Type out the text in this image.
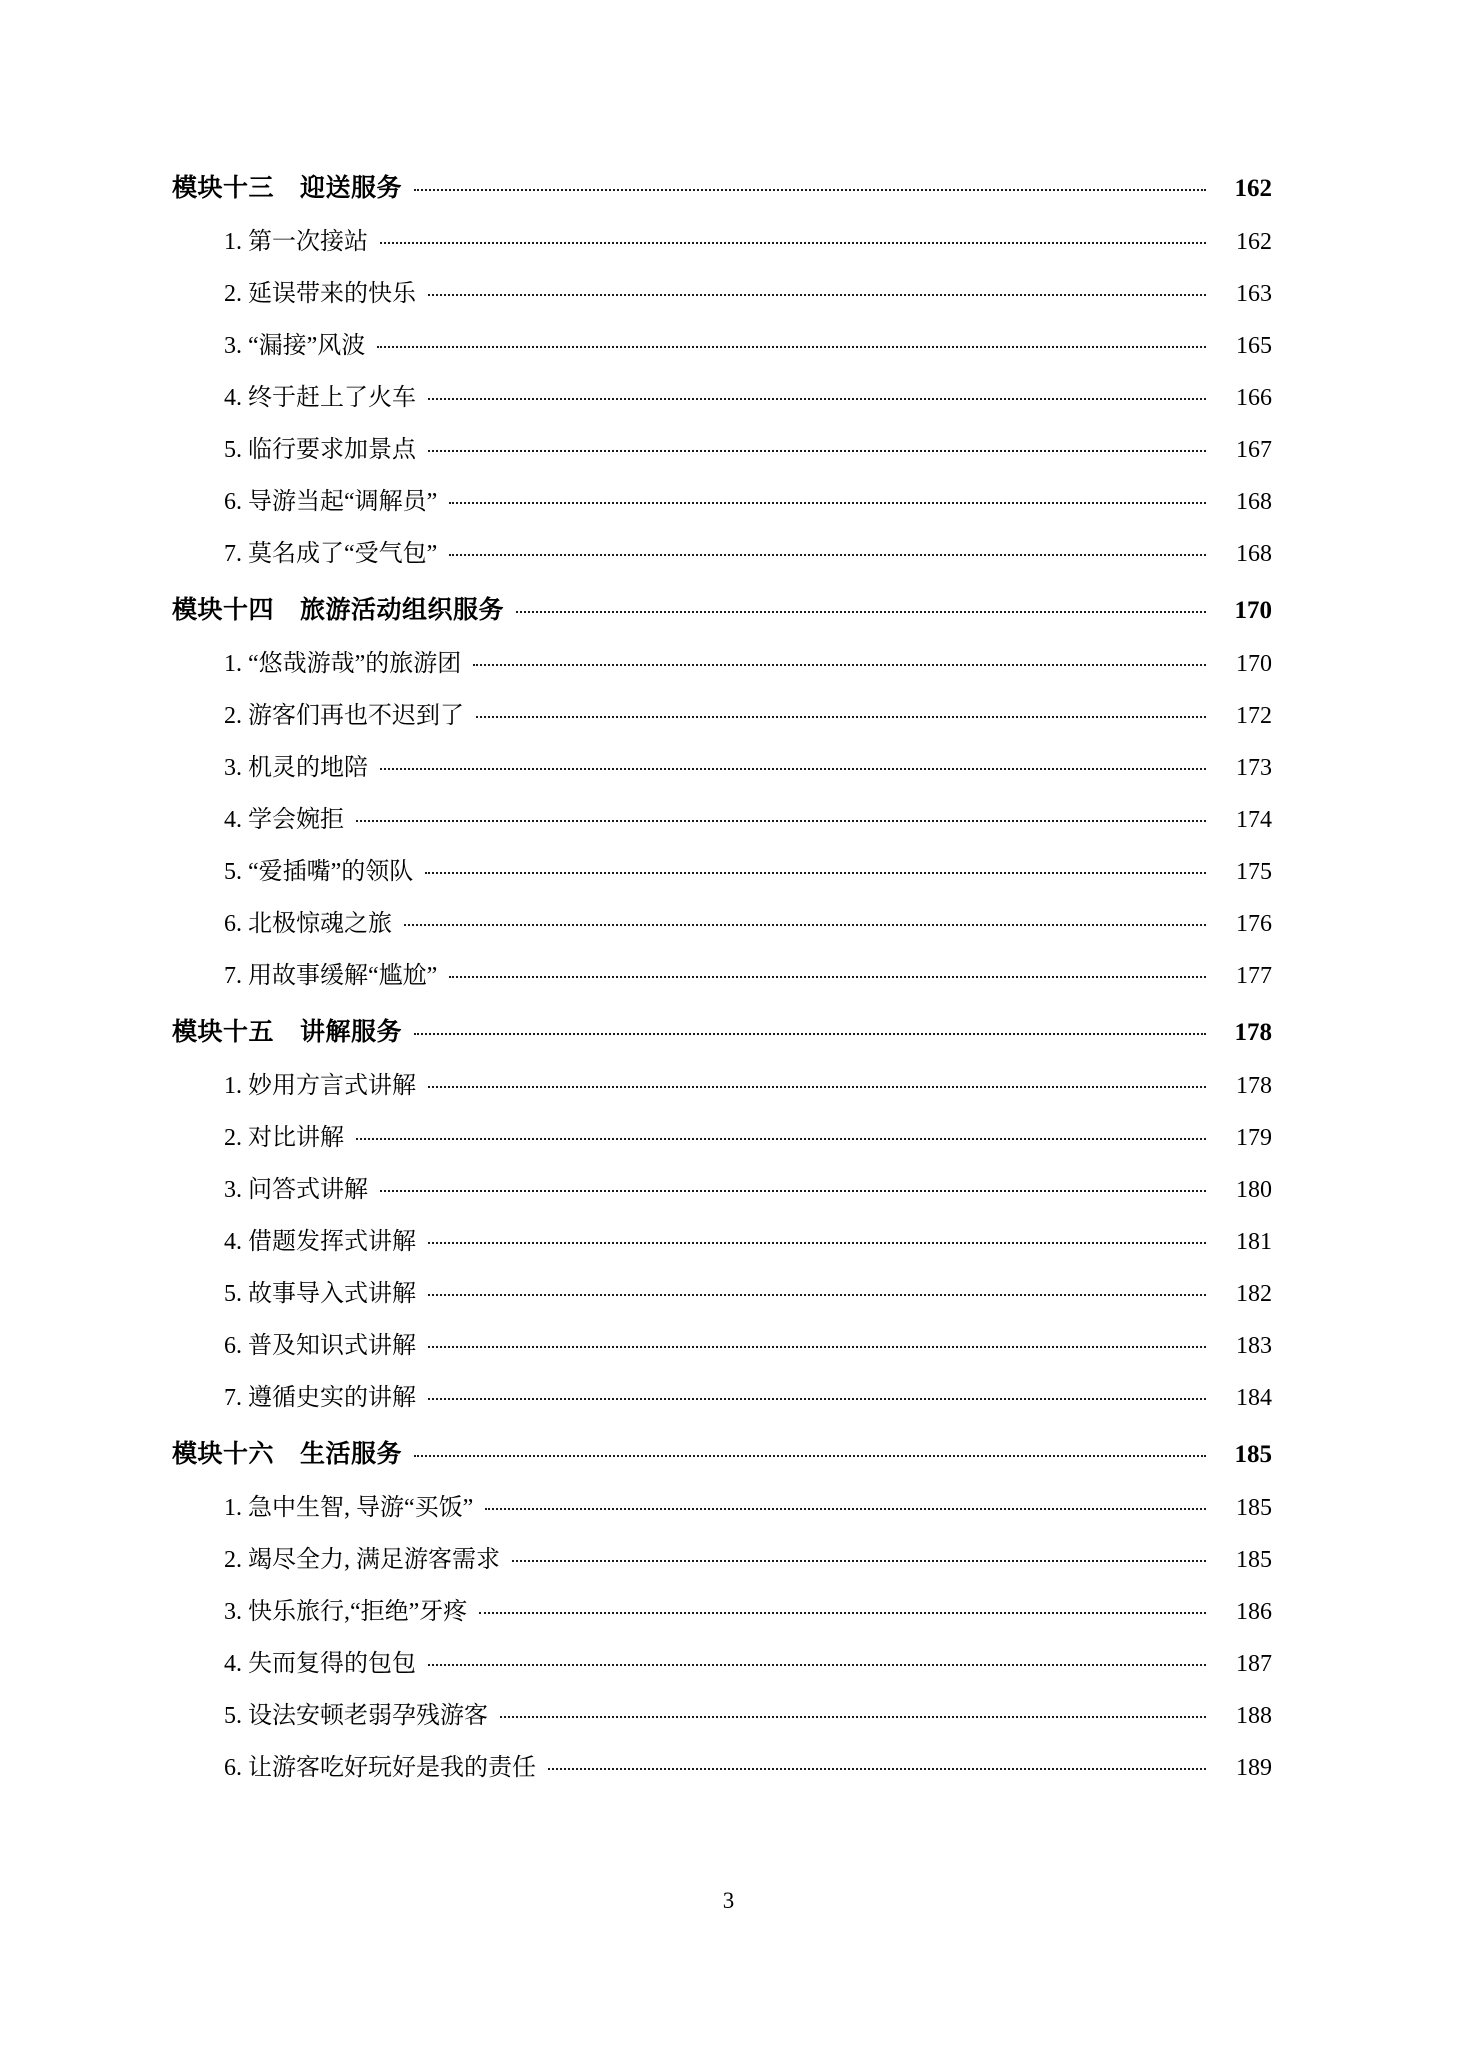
模块十三 迎送服务	162
1. 第一次接站	162
2. 延误带来的快乐	163
3. “漏接”风波	165
4. 终于赶上了火车	166
5. 临行要求加景点	167
6. 导游当起“调解员”	168
7. 莫名成了“受气包”	168
模块十四 旅游活动组织服务	170
1. “悠哉游哉”的旅游团	170
2. 游客们再也不迟到了	172
3. 机灵的地陪	173
4. 学会婉拒	174
5. “爱插嘴”的领队	175
6. 北极惊魂之旅	176
7. 用故事缓解“尴尬”	177
模块十五 讲解服务	178
1. 妙用方言式讲解	178
2. 对比讲解	179
3. 问答式讲解	180
4. 借题发挥式讲解	181
5. 故事导入式讲解	182
6. 普及知识式讲解	183
7. 遵循史实的讲解	184
模块十六 生活服务	185
1. 急中生智, 导游“买饭”	185
2. 竭尽全力, 满足游客需求	185
3. 快乐旅行,“拒绝”牙疼	186
4. 失而复得的包包	187
5. 设法安顿老弱孕残游客	188
6. 让游客吃好玩好是我的责任	189
3
